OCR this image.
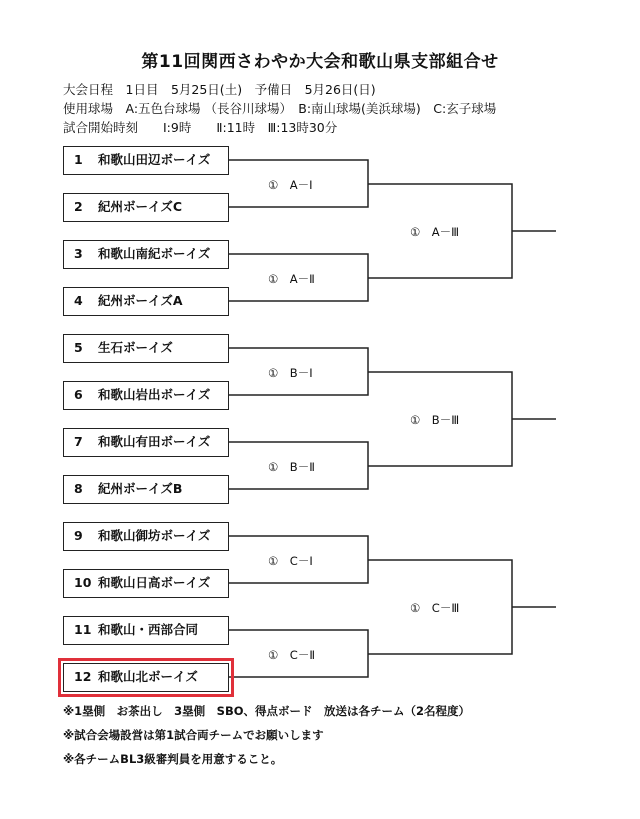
第11回関西さわやか大会和歌山県支部組合せ
大会日程　1日目　5月25日(土)　予備日　5月26日(日)
使用球場　A:五色台球場 （長谷川球場）　B:南山球場(美浜球場)　C:玄子球場
試合開始時刻　　Ⅰ:9時　　Ⅱ:11時　Ⅲ:13時30分
1 和歌山田辺ボーイズ
2 紀州ボーイズC
3 和歌山南紀ボーイズ
4 紀州ボーイズA
5 生石ボーイズ
6 和歌山岩出ボーイズ
7 和歌山有田ボーイズ
8 紀州ボーイズB
9 和歌山御坊ボーイズ
10 和歌山日高ボーイズ
11 和歌山・西部合同
12 和歌山北ボーイズ
①　A－Ⅰ
①　A－Ⅱ
①　B－Ⅰ
①　B－Ⅱ
①　C－Ⅰ
①　C－Ⅱ
①　A－Ⅲ
①　B－Ⅲ
①　C－Ⅲ
※1塁側　お茶出し　3塁側　SBO、得点ボード　放送は各チーム（2名程度）
※試合会場設営は第1試合両チームでお願いします
※各チームBL3級審判員を用意すること。
